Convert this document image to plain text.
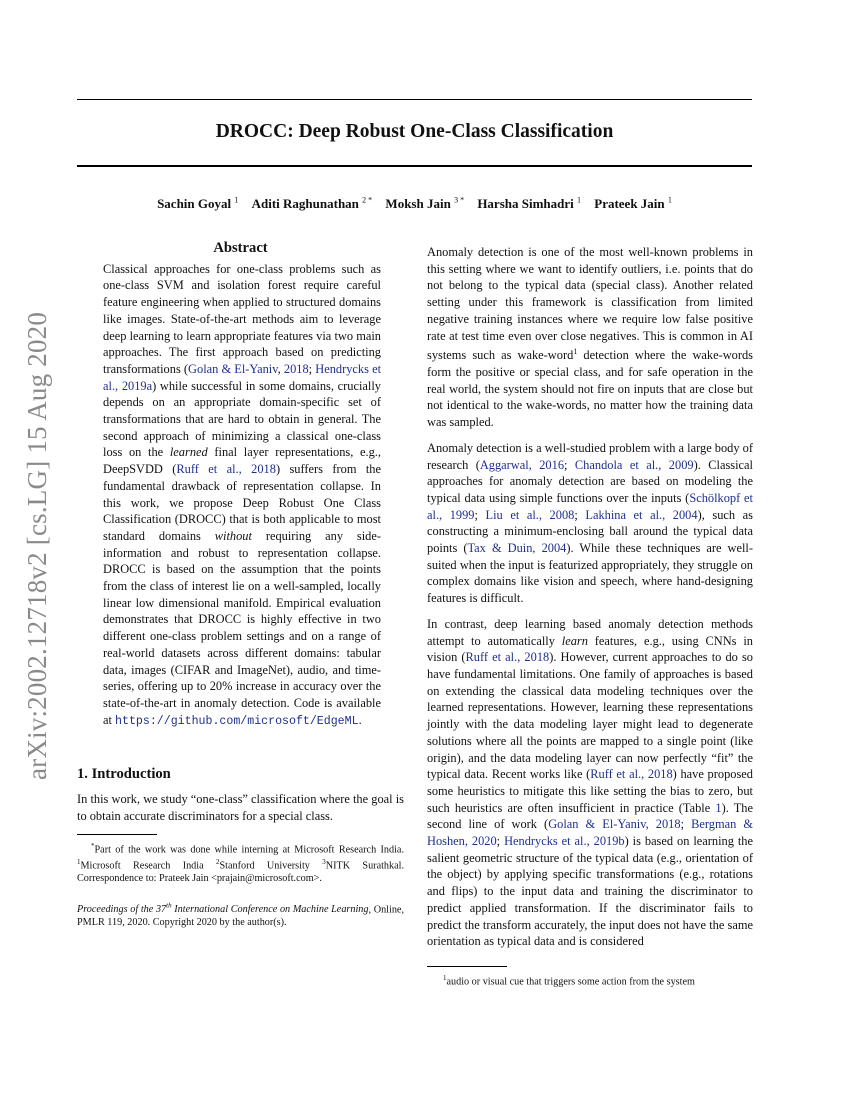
arXiv:2002.12718v2 [cs.LG] 15 Aug 2020
DROCC: Deep Robust One-Class Classification
Sachin Goyal $^1$ Aditi Raghunathan $^{2 *}$ Moksh Jain $^{3 *}$ Harsha Simhadri $^1$ Prateek Jain $^1$
Abstract
Classical approaches for one-class problems such as one-class SVM and isolation forest require careful feature engineering when applied to structured domains like images. State-of-the-art methods aim to leverage deep learning to learn appropriate features via two main approaches. The first approach based on predicting transformations (Golan & El-Yaniv, 2018; Hendrycks et al., 2019a) while successful in some domains, crucially depends on an appropriate domain-specific set of transformations that are hard to obtain in general. The second approach of minimizing a classical one-class loss on the learned final layer representations, e.g., DeepSVDD (Ruff et al., 2018) suffers from the fundamental drawback of representation collapse. In this work, we propose Deep Robust One Class Classification (DROCC) that is both applicable to most standard domains without requiring any side-information and robust to representation collapse. DROCC is based on the assumption that the points from the class of interest lie on a well-sampled, locally linear low dimensional manifold. Empirical evaluation demonstrates that DROCC is highly effective in two different one-class problem settings and on a range of real-world datasets across different domains: tabular data, images (CIFAR and ImageNet), audio, and time-series, offering up to 20% increase in accuracy over the state-of-the-art in anomaly detection. Code is available at https://github.com/microsoft/EdgeML.
1. Introduction
In this work, we study “one-class” classification where the goal is to obtain accurate discriminators for a special class.
*Part of the work was done while interning at Microsoft Research India. $^1$Microsoft Research India $^2$Stanford University $^3$NITK Surathkal. Correspondence to: Prateek Jain <prajain@microsoft.com>.
Proceedings of the 37th International Conference on Machine Learning, Online, PMLR 119, 2020. Copyright 2020 by the author(s).
Anomaly detection is one of the most well-known problems in this setting where we want to identify outliers, i.e. points that do not belong to the typical data (special class). Another related setting under this framework is classification from limited negative training instances where we require low false positive rate at test time even over close negatives. This is common in AI systems such as wake-word$^1$ detection where the wake-words form the positive or special class, and for safe operation in the real world, the system should not fire on inputs that are close but not identical to the wake-words, no matter how the training data was sampled.
Anomaly detection is a well-studied problem with a large body of research (Aggarwal, 2016; Chandola et al., 2009). Classical approaches for anomaly detection are based on modeling the typical data using simple functions over the inputs (Schölkopf et al., 1999; Liu et al., 2008; Lakhina et al., 2004), such as constructing a minimum-enclosing ball around the typical data points (Tax & Duin, 2004). While these techniques are well-suited when the input is featurized appropriately, they struggle on complex domains like vision and speech, where hand-designing features is difficult.
In contrast, deep learning based anomaly detection methods attempt to automatically learn features, e.g., using CNNs in vision (Ruff et al., 2018). However, current approaches to do so have fundamental limitations. One family of approaches is based on extending the classical data modeling techniques over the learned representations. However, learning these representations jointly with the data modeling layer might lead to degenerate solutions where all the points are mapped to a single point (like origin), and the data modeling layer can now perfectly “fit” the typical data. Recent works like (Ruff et al., 2018) have proposed some heuristics to mitigate this like setting the bias to zero, but such heuristics are often insufficient in practice (Table 1). The second line of work (Golan & El-Yaniv, 2018; Bergman & Hoshen, 2020; Hendrycks et al., 2019b) is based on learning the salient geometric structure of the typical data (e.g., orientation of the object) by applying specific transformations (e.g., rotations and flips) to the input data and training the discriminator to predict applied transformation. If the discriminator fails to predict the transform accurately, the input does not have the same orientation as typical data and is considered
$^1$audio or visual cue that triggers some action from the system
